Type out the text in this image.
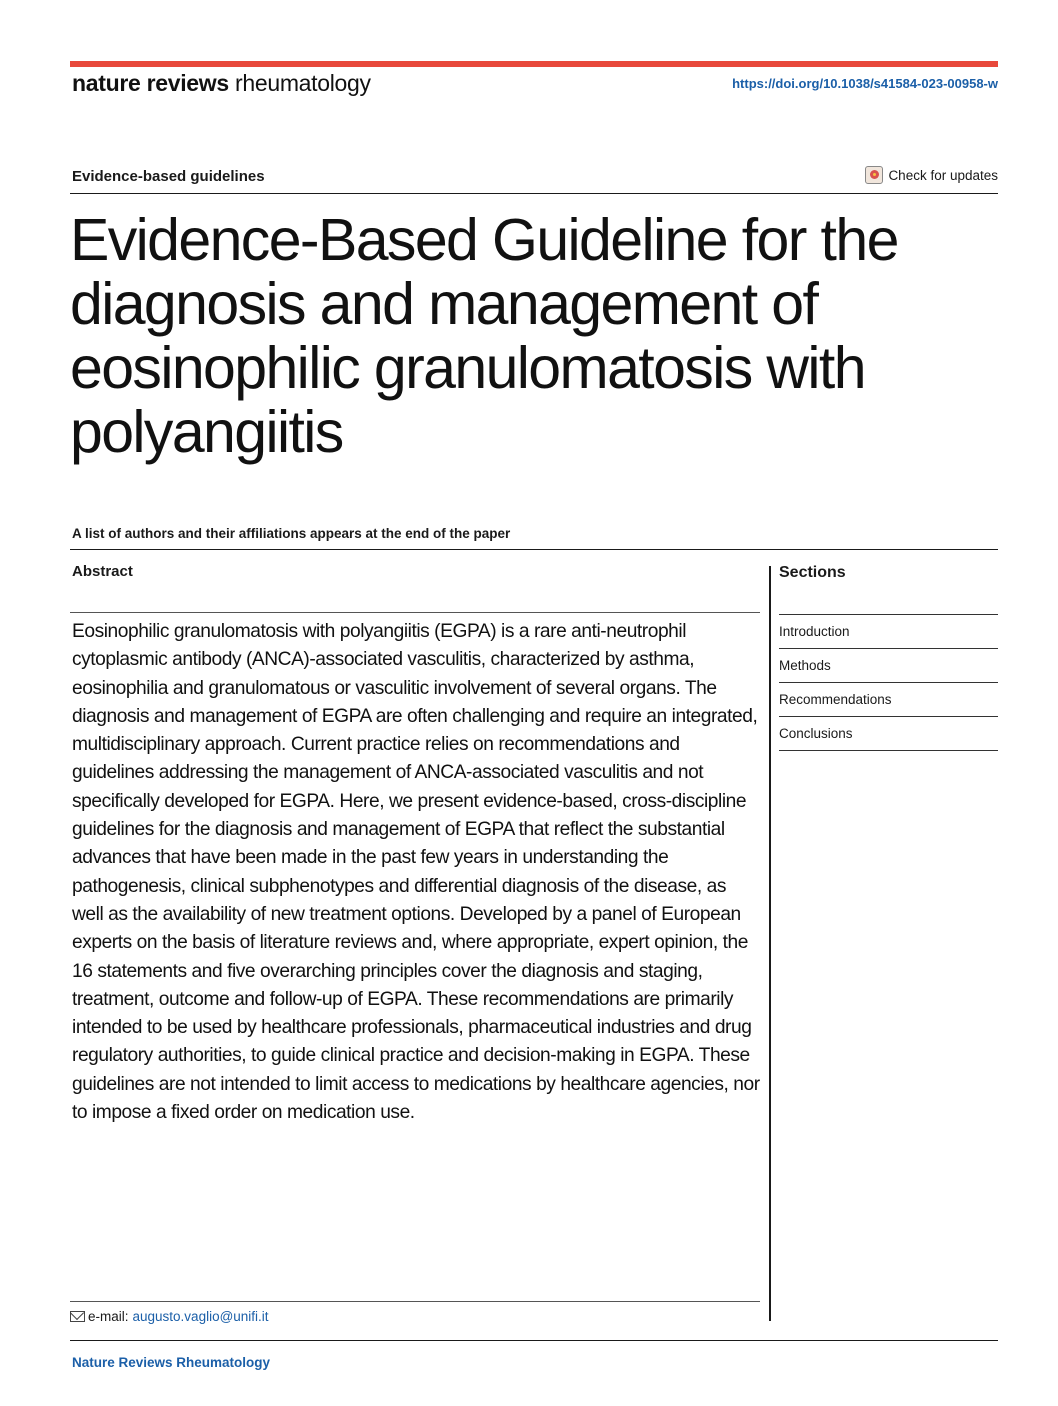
nature reviews rheumatology	https://doi.org/10.1038/s41584-023-00958-w
Evidence-based guidelines	Check for updates
Evidence-Based Guideline for the diagnosis and management of eosinophilic granulomatosis with polyangiitis
A list of authors and their affiliations appears at the end of the paper
Abstract	Sections

Eosinophilic granulomatosis with polyangiitis (EGPA) is a rare anti-neutrophil cytoplasmic antibody (ANCA)-associated vasculitis, characterized by asthma, eosinophilia and granulomatous or vasculitic involvement of several organs. The diagnosis and management of EGPA are often challenging and require an integrated, multidisciplinary approach. Current practice relies on recommendations and guidelines addressing the management of ANCA-associated vasculitis and not specifically developed for EGPA. Here, we present evidence-based, cross-discipline guidelines for the diagnosis and management of EGPA that reflect the substantial advances that have been made in the past few years in understanding the pathogenesis, clinical subphenotypes and differential diagnosis of the disease, as well as the availability of new treatment options. Developed by a panel of European experts on the basis of literature reviews and, where appropriate, expert opinion, the 16 statements and five overarching principles cover the diagnosis and staging, treatment, outcome and follow-up of EGPA. These recommendations are primarily intended to be used by healthcare professionals, pharmaceutical industries and drug regulatory authorities, to guide clinical practice and decision-making in EGPA. These guidelines are not intended to limit access to medications by healthcare agencies, nor to impose a fixed order on medication use.

Introduction
Methods
Recommendations
Conclusions
e-mail: augusto.vaglio@unifi.it
Nature Reviews Rheumatology
